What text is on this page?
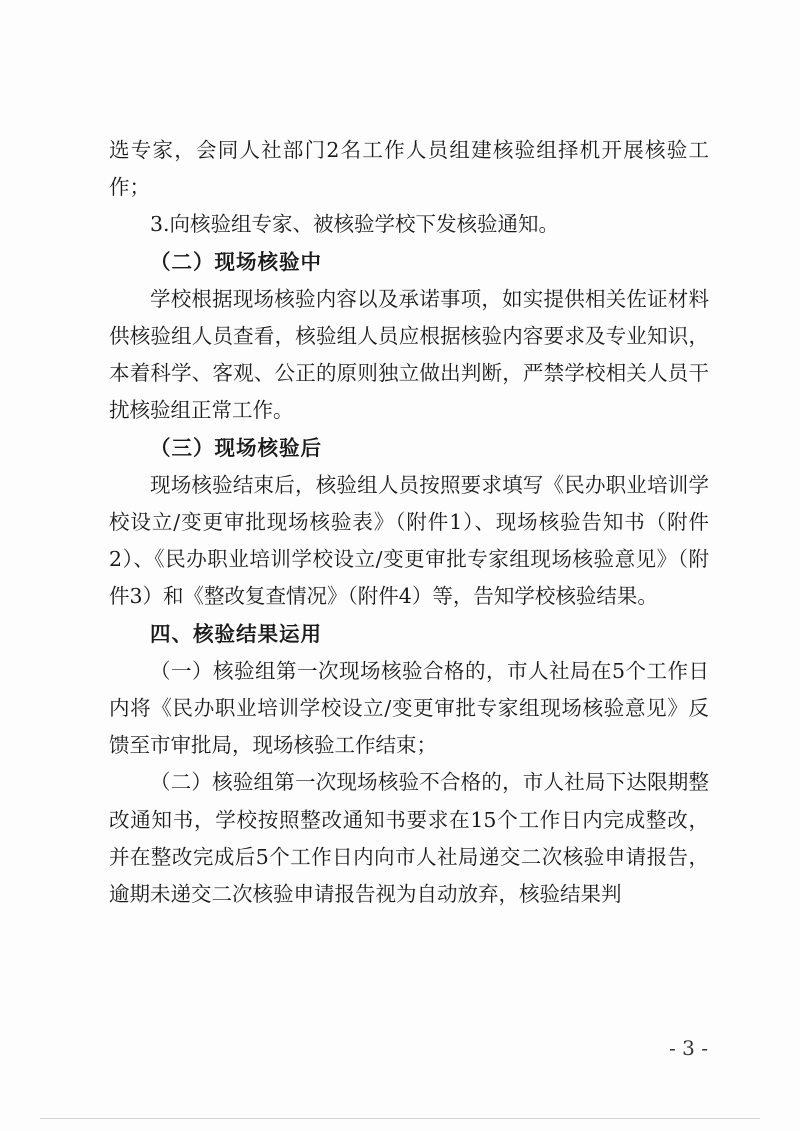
选专家，会同人社部门2名工作人员组建核验组择机开展核验工作；

3.向核验组专家、被核验学校下发核验通知。

（二）现场核验中

学校根据现场核验内容以及承诺事项，如实提供相关佐证材料供核验组人员查看，核验组人员应根据核验内容要求及专业知识，本着科学、客观、公正的原则独立做出判断，严禁学校相关人员干扰核验组正常工作。

（三）现场核验后

现场核验结束后，核验组人员按照要求填写《民办职业培训学校设立/变更审批现场核验表》（附件1）、现场核验告知书（附件2）、《民办职业培训学校设立/变更审批专家组现场核验意见》（附件3）和《整改复查情况》（附件4）等，告知学校核验结果。

四、核验结果运用

（一）核验组第一次现场核验合格的，市人社局在5个工作日内将《民办职业培训学校设立/变更审批专家组现场核验意见》反馈至市审批局，现场核验工作结束；

（二）核验组第一次现场核验不合格的，市人社局下达限期整改通知书，学校按照整改通知书要求在15个工作日内完成整改，并在整改完成后5个工作日内向市人社局递交二次核验申请报告，逾期未递交二次核验申请报告视为自动放弃，核验结果判

- 3 -
